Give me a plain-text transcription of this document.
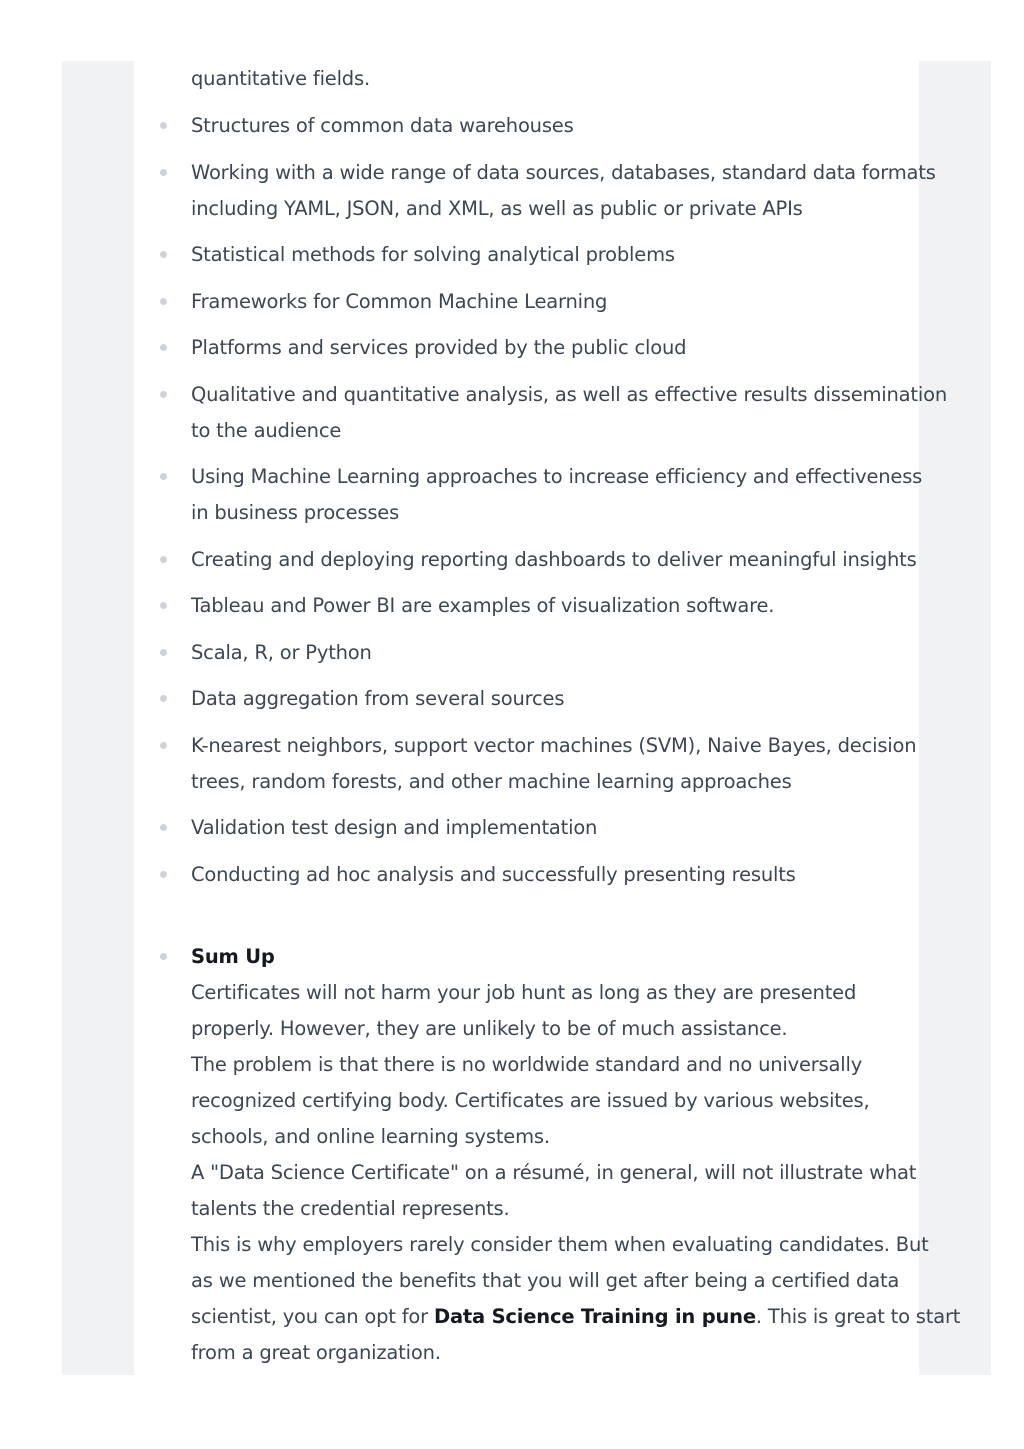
quantitative fields.
Structures of common data warehouses
Working with a wide range of data sources, databases, standard data formats
including YAML, JSON, and XML, as well as public or private APIs
Statistical methods for solving analytical problems
Frameworks for Common Machine Learning
Platforms and services provided by the public cloud
Qualitative and quantitative analysis, as well as effective results dissemination
to the audience
Using Machine Learning approaches to increase efficiency and effectiveness
in business processes
Creating and deploying reporting dashboards to deliver meaningful insights
Tableau and Power BI are examples of visualization software.
Scala, R, or Python
Data aggregation from several sources
K-nearest neighbors, support vector machines (SVM), Naive Bayes, decision
trees, random forests, and other machine learning approaches
Validation test design and implementation
Conducting ad hoc analysis and successfully presenting results
Sum Up
Certificates will not harm your job hunt as long as they are presented
properly. However, they are unlikely to be of much assistance.
The problem is that there is no worldwide standard and no universally
recognized certifying body. Certificates are issued by various websites,
schools, and online learning systems.
A "Data Science Certificate" on a résumé, in general, will not illustrate what
talents the credential represents.
This is why employers rarely consider them when evaluating candidates. But
as we mentioned the benefits that you will get after being a certified data
scientist, you can opt for Data Science Training in pune. This is great to start
from a great organization.
